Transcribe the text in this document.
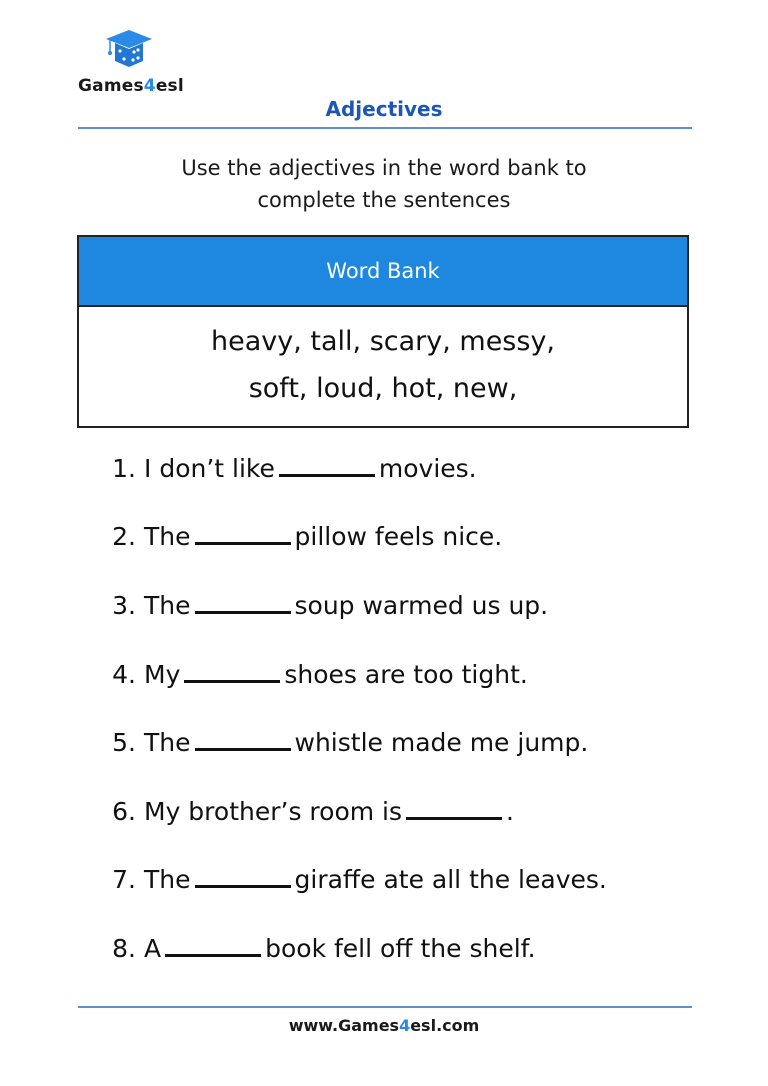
Games4esl
Adjectives
Use the adjectives in the word bank to
complete the sentences
Word Bank
heavy, tall, scary, messy,
soft, loud, hot, new,
1. I don’t like	movies.
2. The	pillow feels nice.
3. The	soup warmed us up.
4. My	shoes are too tight.
5. The	whistle made me jump.
6. My brother’s room is	.
7. The	giraffe ate all the leaves.
8. A	book fell off the shelf.
www.Games4esl.com
